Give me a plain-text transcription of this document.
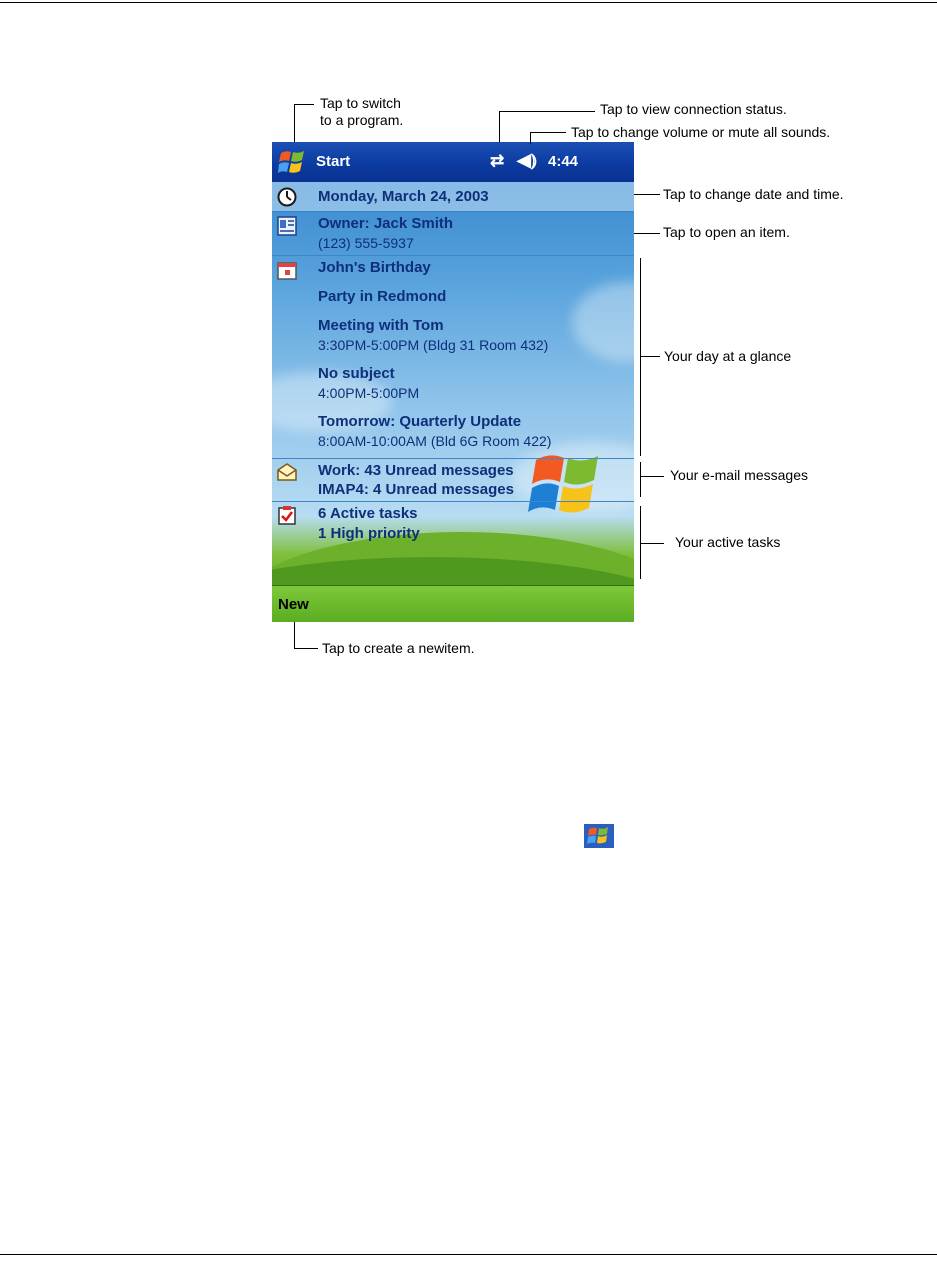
Start	⇄ ◀︎⦆ 4:44
Monday, March 24, 2003
Owner: Jack Smith
(123) 555-5937
John's Birthday
Party in Redmond
Meeting with Tom
3:30PM-5:00PM (Bldg 31 Room 432)
No subject
4:00PM-5:00PM
Tomorrow: Quarterly Update
8:00AM-10:00AM (Bld 6G Room 422)
Work: 43 Unread messages
IMAP4: 4 Unread messages
6 Active tasks
1 High priority
New
Tap to switch
to a program.
Tap to view connection status.
Tap to change volume or mute all sounds.
Tap to change date and time.
Tap to open an item.
Your day at a glance
Your e-mail messages
Your active tasks
Tap to create a newitem.
